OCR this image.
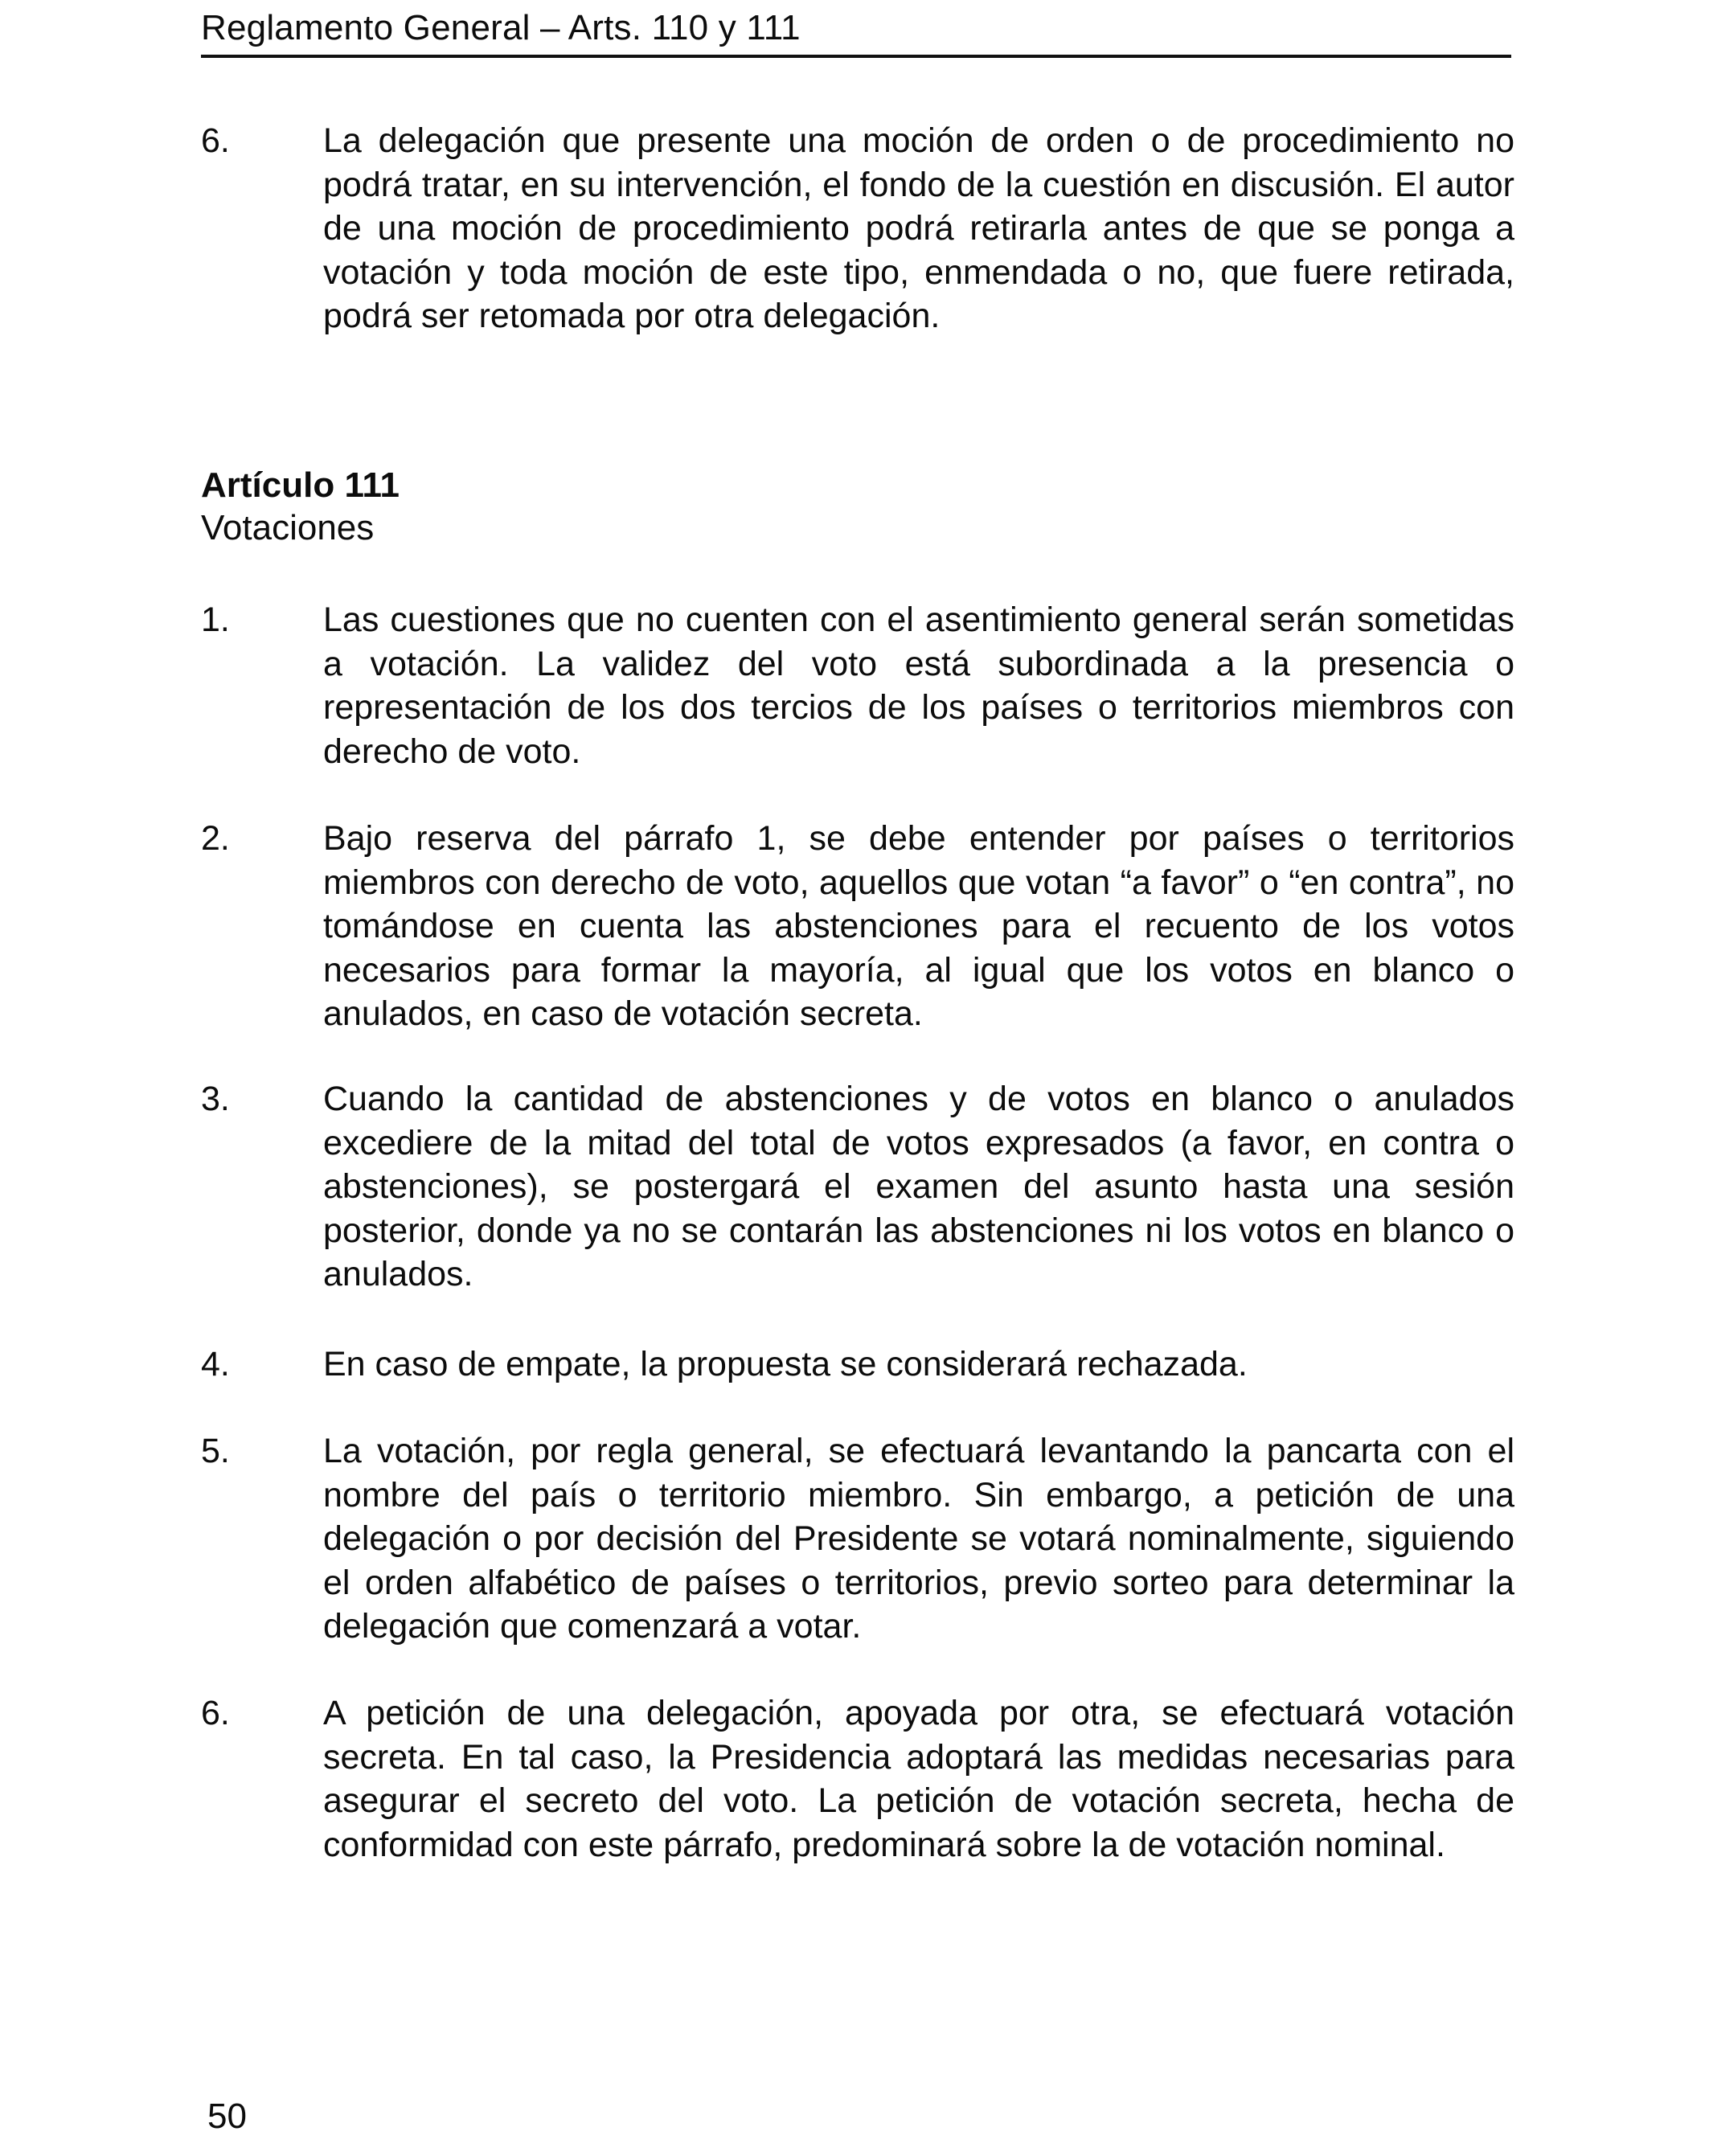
Reglamento General – Arts. 110 y 111
6.	La delegación que presente una moción de orden o de procedimiento no podrá tratar, en su intervención, el fondo de la cuestión en discusión. El autor de una moción de procedimiento podrá retirarla antes de que se ponga a votación y toda moción de este tipo, enmendada o no, que fuere retirada, podrá ser retomada por otra delegación.
Artículo 111
Votaciones
1.	Las cuestiones que no cuenten con el asentimiento general serán sometidas a votación. La validez del voto está subordinada a la presencia o representación de los dos tercios de los países o territorios miembros con derecho de voto.
2.	Bajo reserva del párrafo 1, se debe entender por países o territorios miembros con derecho de voto, aquellos que votan “a favor” o “en contra”, no tomándose en cuenta las abstenciones para el recuento de los votos necesarios para formar la mayoría, al igual que los votos en blanco o anulados, en caso de votación secreta.
3.	Cuando la cantidad de abstenciones y de votos en blanco o anulados excediere de la mitad del total de votos expresados (a favor, en contra o abstenciones), se postergará el examen del asunto hasta una sesión posterior, donde ya no se contarán las abstenciones ni los votos en blanco o anulados.
4.	En caso de empate, la propuesta se considerará rechazada.
5.	La votación, por regla general, se efectuará levantando la pancarta con el nombre del país o territorio miembro. Sin embargo, a petición de una delegación o por decisión del Presidente se votará nominalmente, siguiendo el orden alfabético de países o territorios, previo sorteo para determinar la delegación que comenzará a votar.
6.	A petición de una delegación, apoyada por otra, se efectuará votación secreta. En tal caso, la Presidencia adoptará las medidas necesarias para asegurar el secreto del voto. La petición de votación secreta, hecha de conformidad con este párrafo, predominará sobre la de votación nominal.
50
